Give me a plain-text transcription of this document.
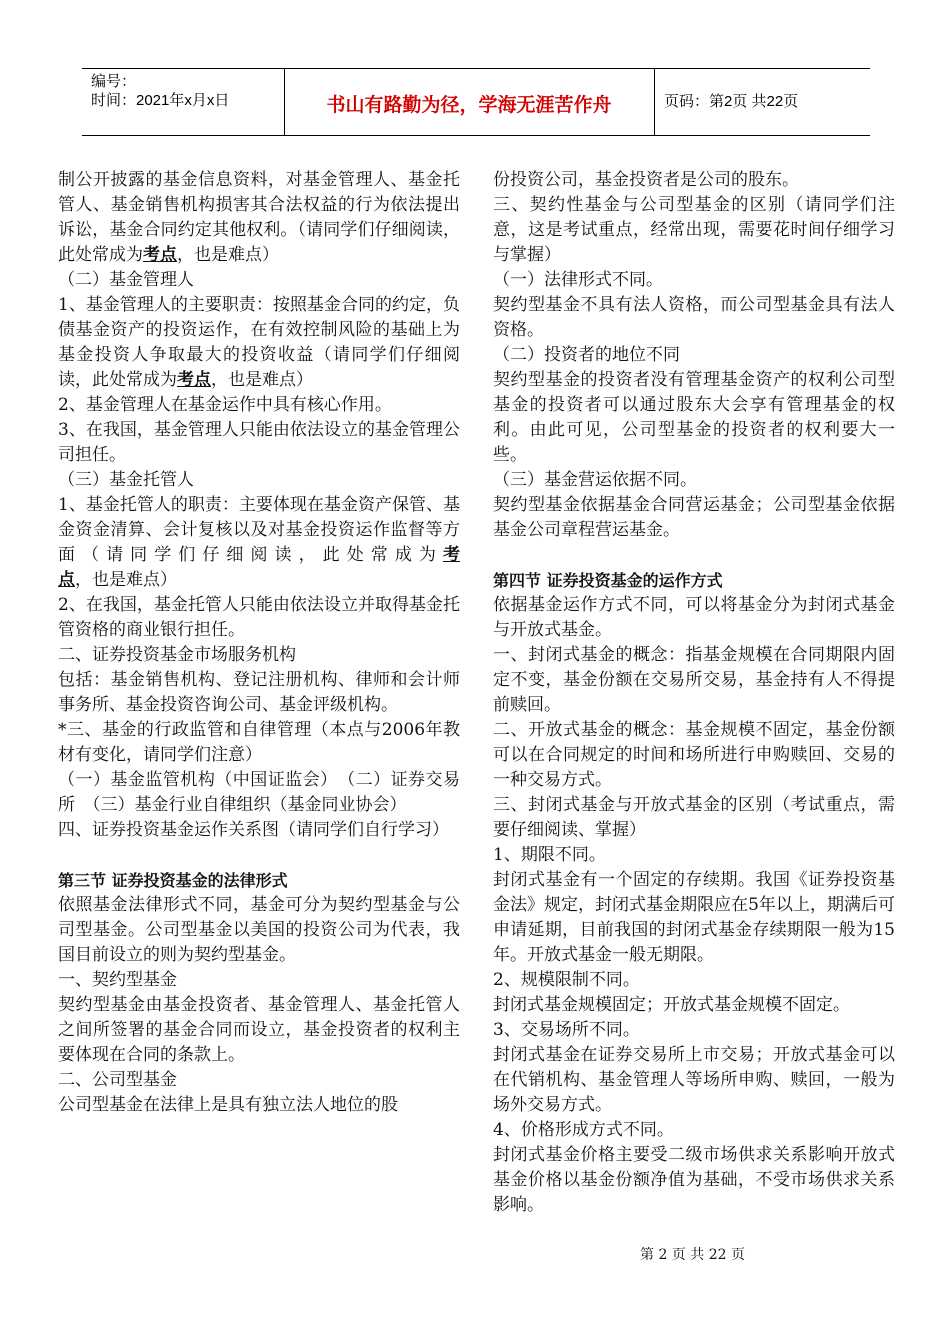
编号：
时间：2021年x月x日	书山有路勤为径，学海无涯苦作舟	页码：第2页 共22页

制公开披露的基金信息资料，对基金管理人、基金托管人、基金销售机构损害其合法权益的行为依法提出诉讼，基金合同约定其他权利。（请同学们仔细阅读，此处常成为考点，也是难点）

（二）基金管理人

1、基金管理人的主要职责：按照基金合同的约定，负债基金资产的投资运作，在有效控制风险的基础上为基金投资人争取最大的投资收益（请同学们仔细阅读，此处常成为考点，也是难点）

2、基金管理人在基金运作中具有核心作用。

3、在我国，基金管理人只能由依法设立的基金管理公司担任。

（三）基金托管人

1、基金托管人的职责：主要体现在基金资产保管、基金资金清算、会计复核以及对基金投资运作监督等方面（请同学们仔细阅读，此处常成为考点，也是难点）

2、在我国，基金托管人只能由依法设立并取得基金托管资格的商业银行担任。

二、证券投资基金市场服务机构

包括：基金销售机构、登记注册机构、律师和会计师事务所、基金投资咨询公司、基金评级机构。

*三、基金的行政监管和自律管理（本点与2006年教材有变化，请同学们注意）

（一）基金监管机构（中国证监会）　（二）证券交易所　（三）基金行业自律组织（基金同业协会）

四、证券投资基金运作关系图（请同学们自行学习）

第三节 证券投资基金的法律形式

依照基金法律形式不同，基金可分为契约型基金与公司型基金。公司型基金以美国的投资公司为代表，我国目前设立的则为契约型基金。

一、契约型基金

契约型基金由基金投资者、基金管理人、基金托管人之间所签署的基金合同而设立，基金投资者的权利主要体现在合同的条款上。

二、公司型基金

公司型基金在法律上是具有独立法人地位的股

份投资公司，基金投资者是公司的股东。

三、契约性基金与公司型基金的区别（请同学们注意，这是考试重点，经常出现，需要花时间仔细学习与掌握）

（一）法律形式不同。

契约型基金不具有法人资格，而公司型基金具有法人资格。

（二）投资者的地位不同

契约型基金的投资者没有管理基金资产的权利公司型基金的投资者可以通过股东大会享有管理基金的权利。由此可见，公司型基金的投资者的权利要大一些。

（三）基金营运依据不同。

契约型基金依据基金合同营运基金；公司型基金依据基金公司章程营运基金。

第四节 证券投资基金的运作方式

依据基金运作方式不同，可以将基金分为封闭式基金与开放式基金。

一、封闭式基金的概念：指基金规模在合同期限内固定不变，基金份额在交易所交易，基金持有人不得提前赎回。

二、开放式基金的概念：基金规模不固定，基金份额可以在合同规定的时间和场所进行申购赎回、交易的一种交易方式。

三、封闭式基金与开放式基金的区别（考试重点，需要仔细阅读、掌握）

1、期限不同。

封闭式基金有一个固定的存续期。我国《证券投资基金法》规定，封闭式基金期限应在5年以上，期满后可申请延期，目前我国的封闭式基金存续期限一般为15年。开放式基金一般无期限。

2、规模限制不同。

封闭式基金规模固定；开放式基金规模不固定。

3、交易场所不同。

封闭式基金在证券交易所上市交易；开放式基金可以在代销机构、基金管理人等场所申购、赎回，一般为场外交易方式。

4、价格形成方式不同。

封闭式基金价格主要受二级市场供求关系影响开放式基金价格以基金份额净值为基础，不受市场供求关系影响。

第 2 页 共 22 页
